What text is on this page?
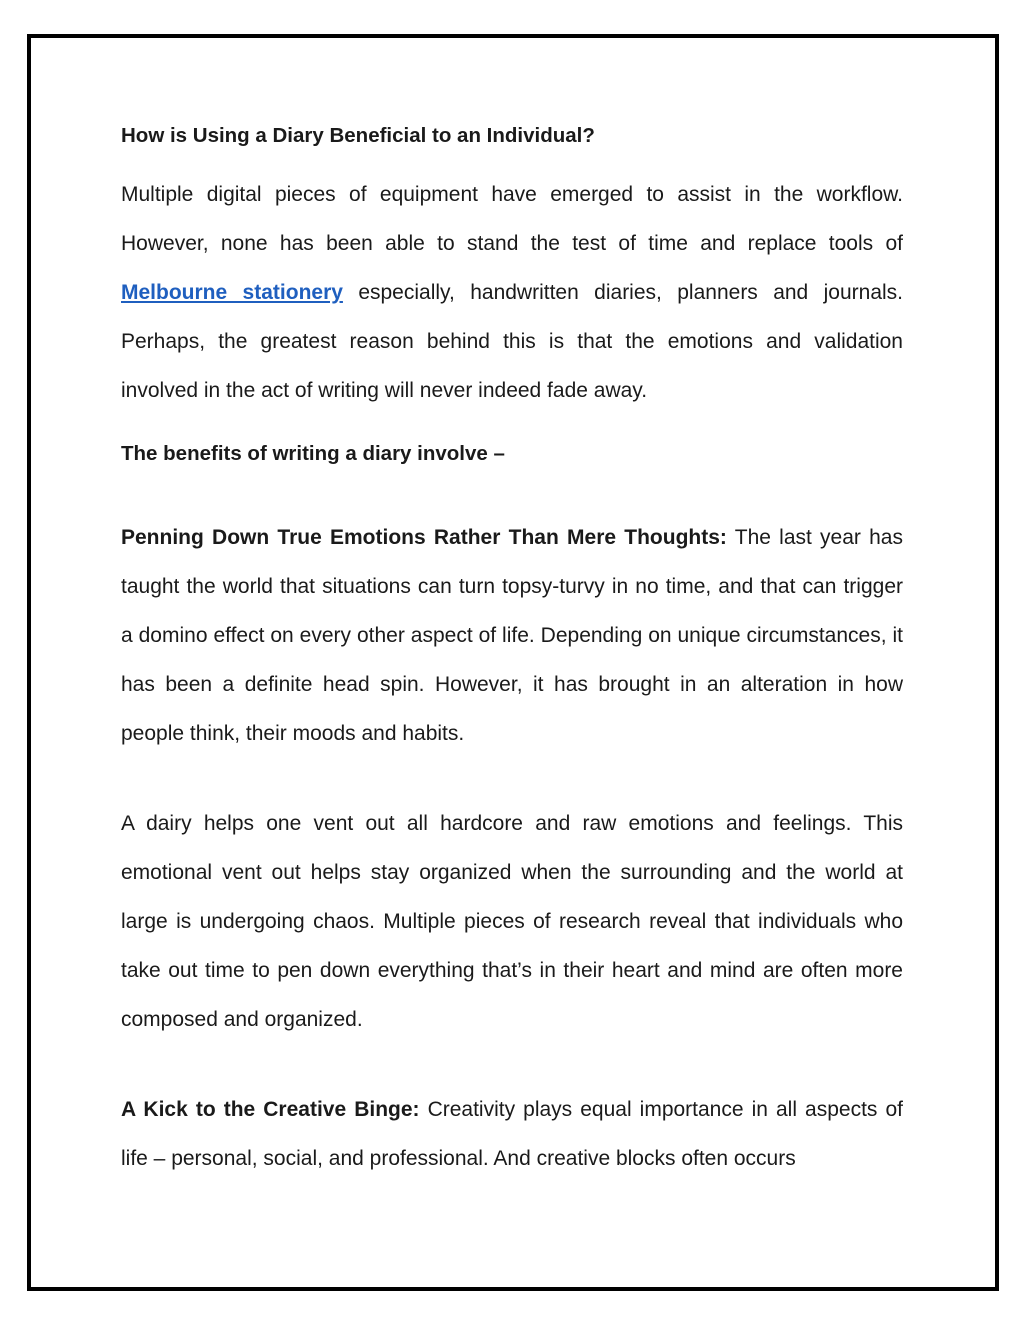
How is Using a Diary Beneficial to an Individual?

Multiple digital pieces of equipment have emerged to assist in the workflow. However, none has been able to stand the test of time and replace tools of Melbourne stationery especially, handwritten diaries, planners and journals. Perhaps, the greatest reason behind this is that the emotions and validation involved in the act of writing will never indeed fade away.

The benefits of writing a diary involve –

Penning Down True Emotions Rather Than Mere Thoughts: The last year has taught the world that situations can turn topsy-turvy in no time, and that can trigger a domino effect on every other aspect of life. Depending on unique circumstances, it has been a definite head spin. However, it has brought in an alteration in how people think, their moods and habits.

A dairy helps one vent out all hardcore and raw emotions and feelings. This emotional vent out helps stay organized when the surrounding and the world at large is undergoing chaos. Multiple pieces of research reveal that individuals who take out time to pen down everything that’s in their heart and mind are often more composed and organized.

A Kick to the Creative Binge: Creativity plays equal importance in all aspects of life – personal, social, and professional. And creative blocks often occurs
